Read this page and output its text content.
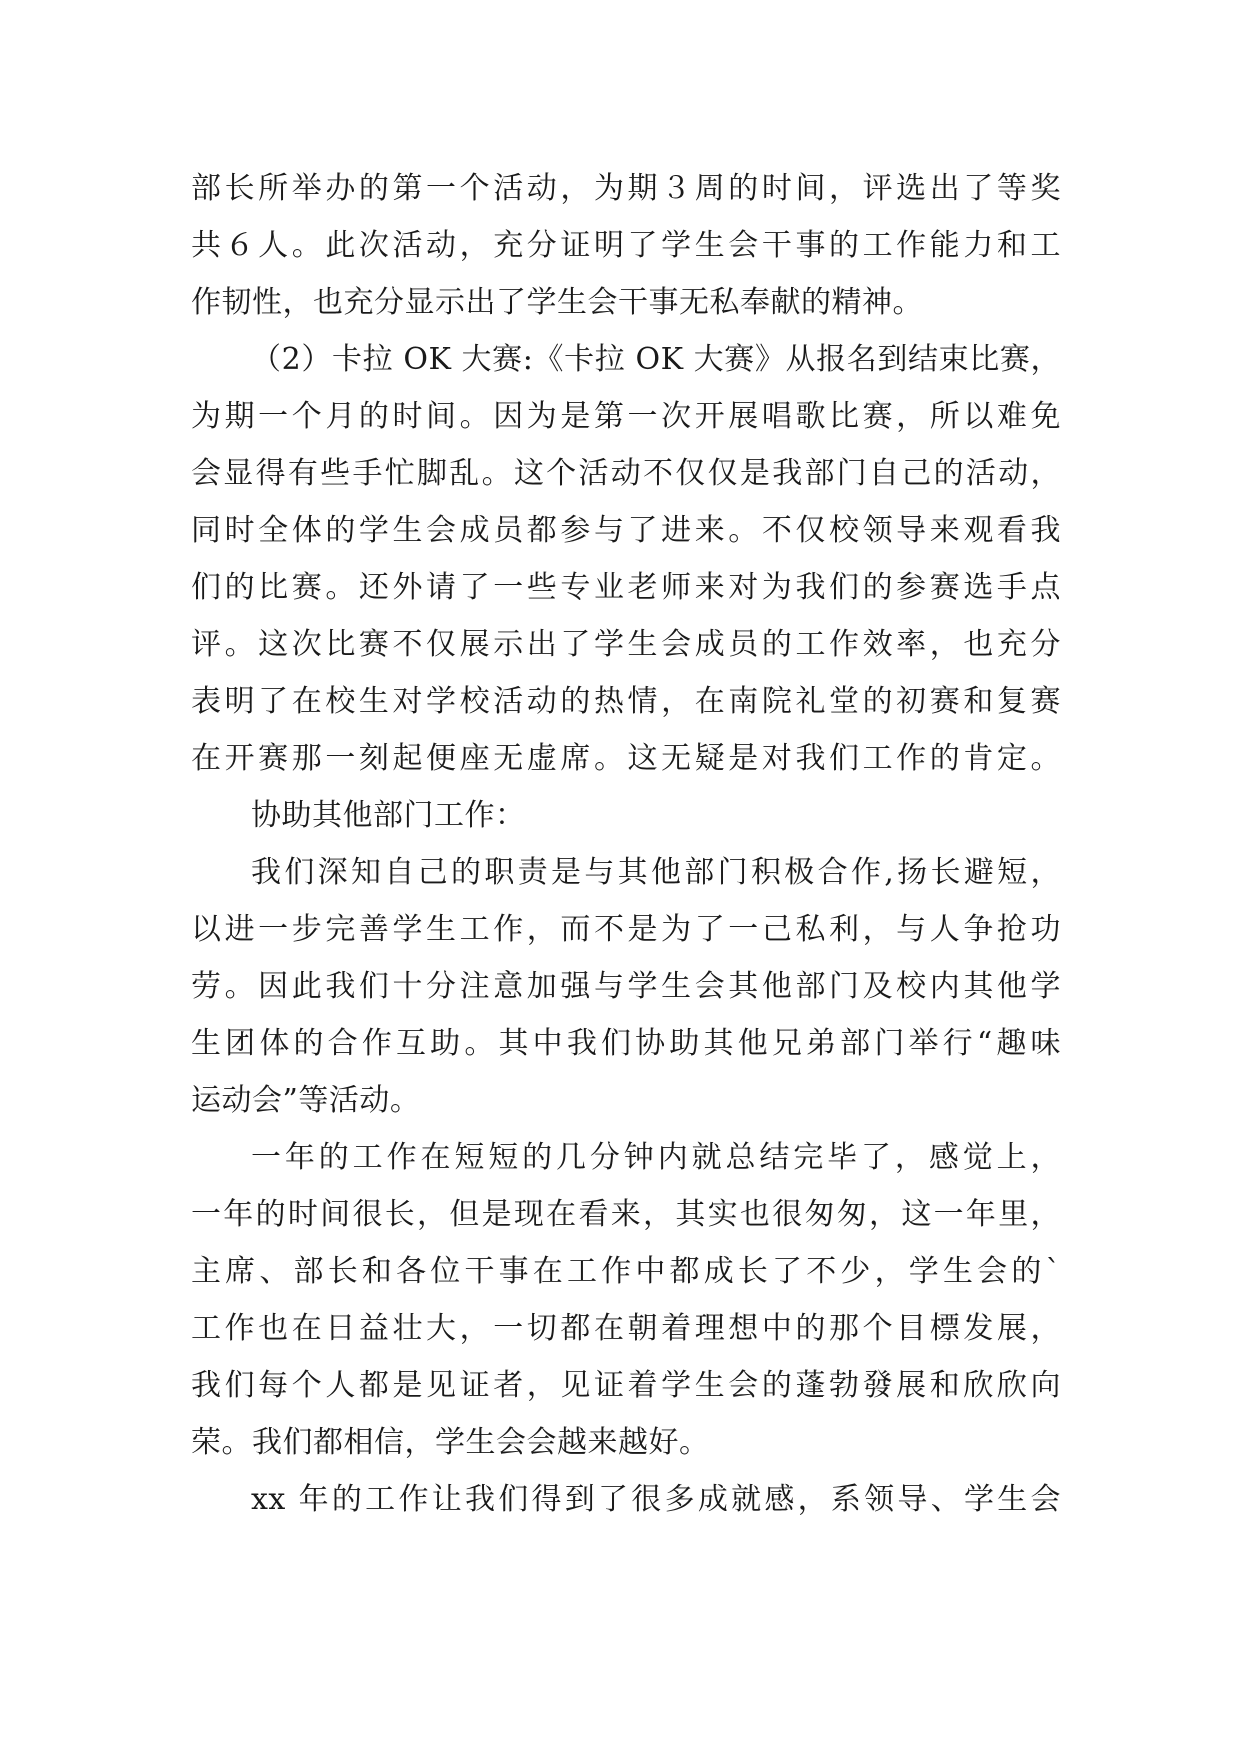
部长所举办的第一个活动，为期３周的时间，评选出了等奖
共６人。此次活动，充分证明了学生会干事的工作能力和工
作韧性，也充分显示出了学生会干事无私奉献的精神。
（2）卡拉 OK 大赛:《卡拉 OK 大赛》从报名到结束比赛，
为期一个月的时间。因为是第一次开展唱歌比赛，所以难免
会显得有些手忙脚乱。这个活动不仅仅是我部门自己的活动，
同时全体的学生会成员都参与了进来。不仅校领导来观看我
们的比赛。还外请了一些专业老师来对为我们的参赛选手点
评。这次比赛不仅展示出了学生会成员的工作效率，也充分
表明了在校生对学校活动的热情，在南院礼堂的初赛和复赛
在开赛那一刻起便座无虚席。这无疑是对我们工作的肯定。
协助其他部门工作：
我们深知自己的职责是与其他部门积极合作,扬长避短，
以进一步完善学生工作，而不是为了一己私利，与人争抢功
劳。因此我们十分注意加强与学生会其他部门及校内其他学
生团体的合作互助。其中我们协助其他兄弟部门举行“趣味
运动会”等活动。
一年的工作在短短的几分钟内就总结完毕了，感觉上，
一年的时间很长，但是现在看来，其实也很匆匆，这一年里，
主席、部长和各位干事在工作中都成长了不少，学生会的`
工作也在日益壮大，一切都在朝着理想中的那个目標发展，
我们每个人都是见证者，见证着学生会的蓬勃發展和欣欣向
荣。我们都相信，学生会会越来越好。
xx 年的工作让我们得到了很多成就感，系领导、学生会
